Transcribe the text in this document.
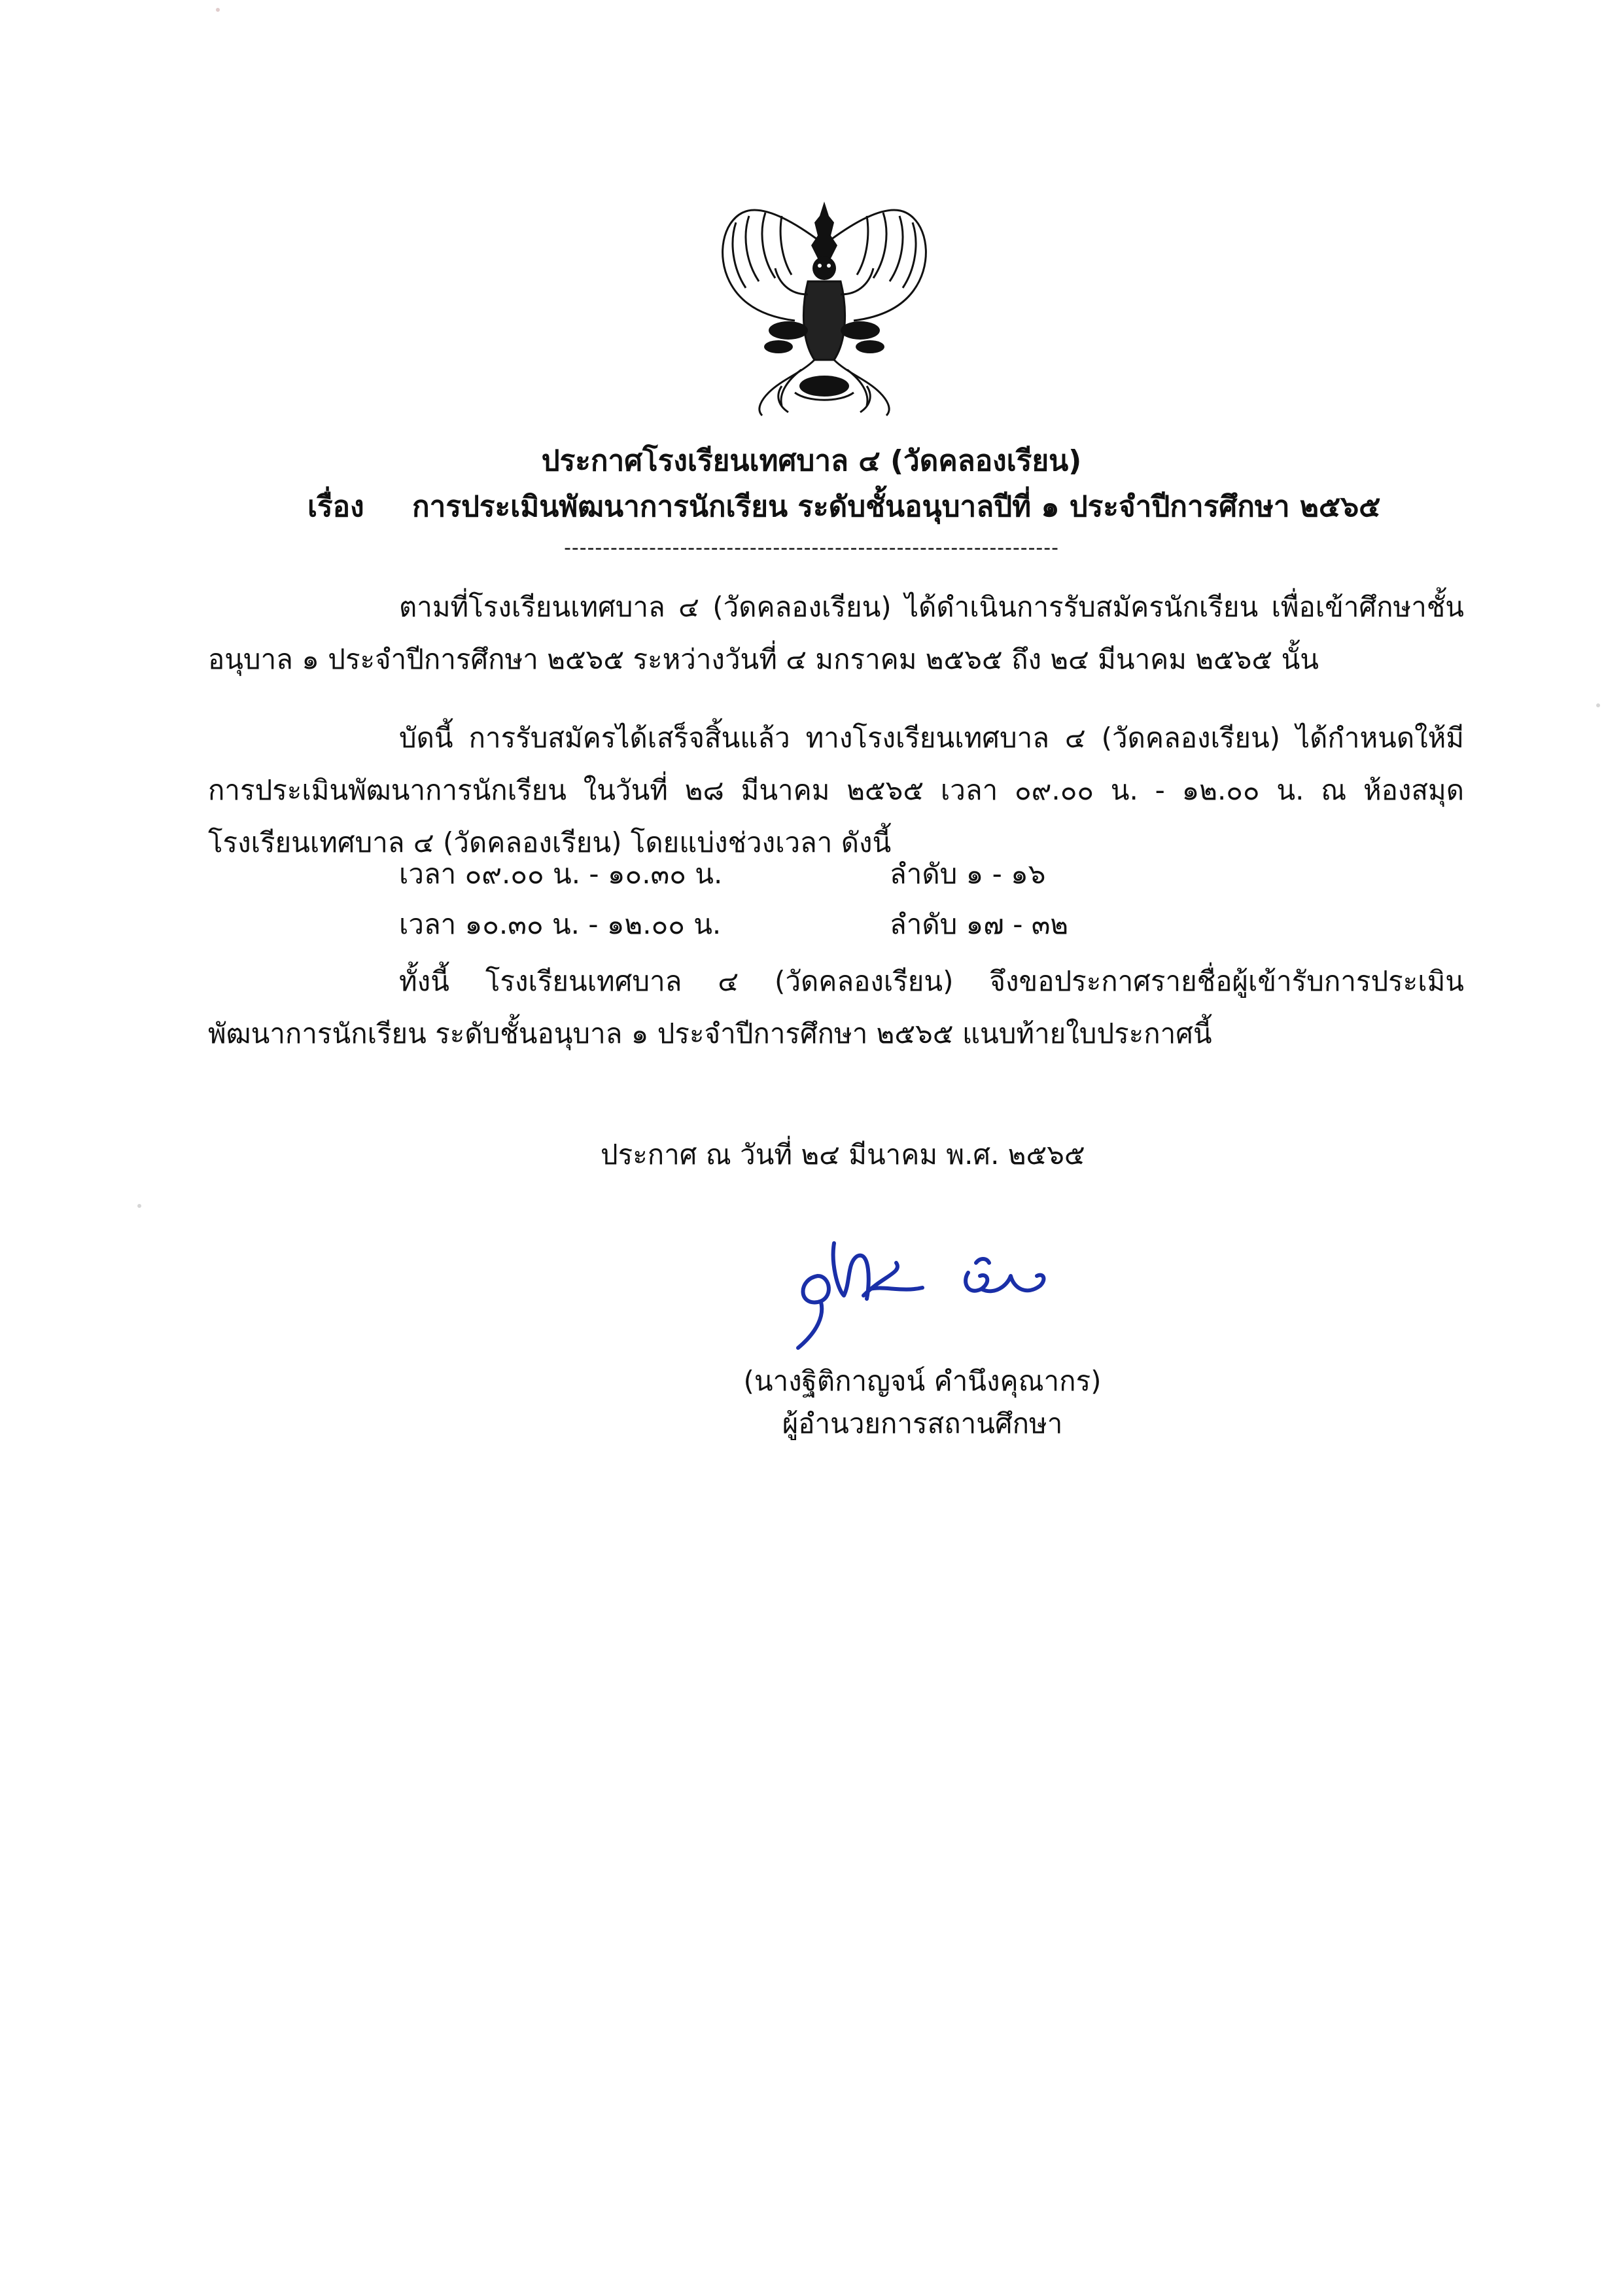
ประกาศโรงเรียนเทศบาล ๔ (วัดคลองเรียน)
เรื่อง การประเมินพัฒนาการนักเรียน ระดับชั้นอนุบาลปีที่ ๑ ประจำปีการศึกษา ๒๕๖๕
----------------------------------------------------------------
ตามที่โรงเรียนเทศบาล ๔ (วัดคลองเรียน) ได้ดำเนินการรับสมัครนักเรียน เพื่อเข้าศึกษาชั้นอนุบาล ๑ ประจำปีการศึกษา ๒๕๖๕ ระหว่างวันที่ ๔ มกราคม ๒๕๖๕ ถึง ๒๔ มีนาคม ๒๕๖๕ นั้น
บัดนี้ การรับสมัครได้เสร็จสิ้นแล้ว ทางโรงเรียนเทศบาล ๔ (วัดคลองเรียน) ได้กำหนดให้มีการประเมินพัฒนาการนักเรียน ในวันที่ ๒๘ มีนาคม ๒๕๖๕ เวลา ๐๙.๐๐ น. - ๑๒.๐๐ น. ณ ห้องสมุดโรงเรียนเทศบาล ๔ (วัดคลองเรียน) โดยแบ่งช่วงเวลา ดังนี้
เวลา ๐๙.๐๐ น. - ๑๐.๓๐ น.	ลำดับ ๑ - ๑๖
เวลา ๑๐.๓๐ น. - ๑๒.๐๐ น.	ลำดับ ๑๗ - ๓๒
ทั้งนี้ โรงเรียนเทศบาล ๔ (วัดคลองเรียน) จึงขอประกาศรายชื่อผู้เข้ารับการประเมินพัฒนาการนักเรียน ระดับชั้นอนุบาล ๑ ประจำปีการศึกษา ๒๕๖๕ แนบท้ายใบประกาศนี้
ประกาศ ณ วันที่ ๒๔ มีนาคม พ.ศ. ๒๕๖๕
(นางฐิติกาญจน์ คำนึงคุณากร)
ผู้อำนวยการสถานศึกษา
